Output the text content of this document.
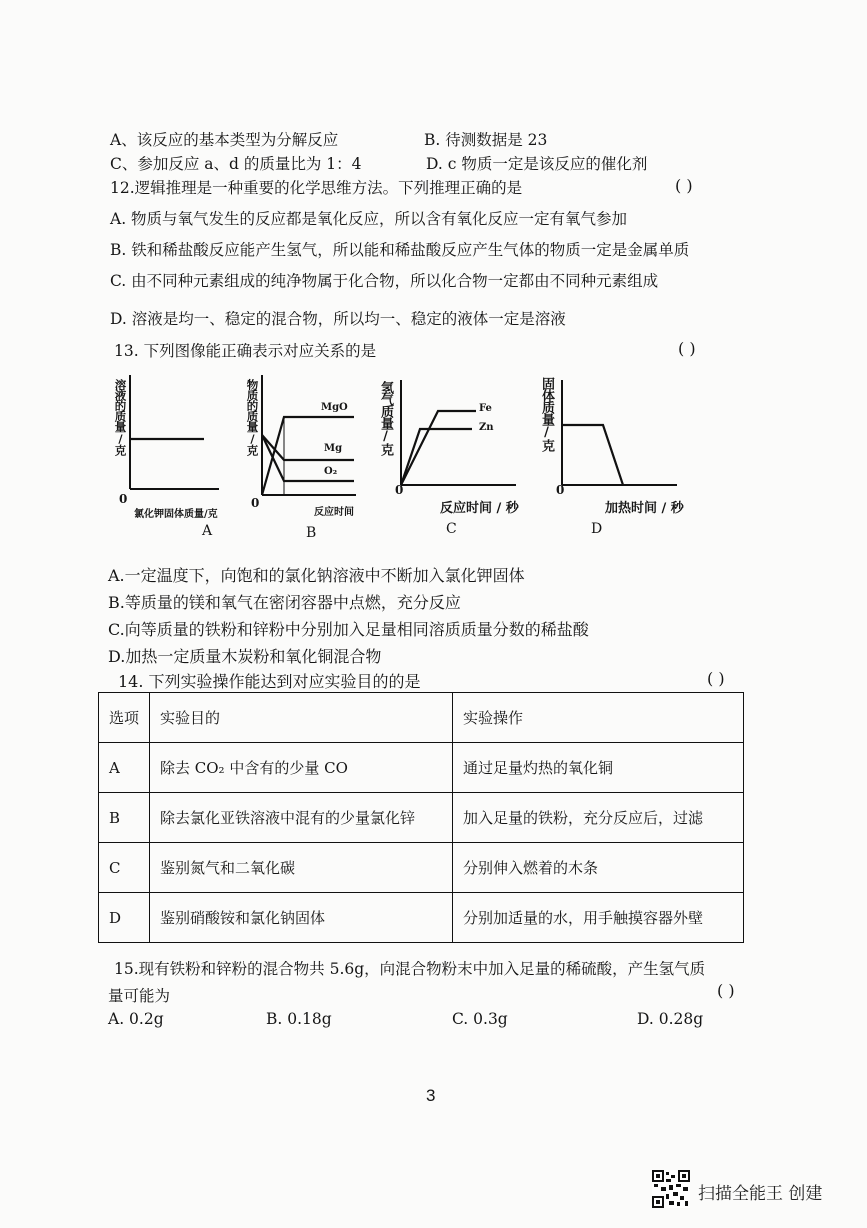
A、该反应的基本类型为分解反应	B. 待测数据是 23
C、参加反应 a、d 的质量比为 1：4	D. c 物质一定是该反应的催化剂
12.逻辑推理是一种重要的化学思维方法。下列推理正确的是	( )
A. 物质与氧气发生的反应都是氧化反应，所以含有氧化反应一定有氧气参加
B. 铁和稀盐酸反应能产生氢气，所以能和稀盐酸反应产生气体的物质一定是金属单质
C. 由不同种元素组成的纯净物属于化合物，所以化合物一定都由不同种元素组成
D. 溶液是均一、稳定的混合物，所以均一、稳定的液体一定是溶液
13. 下列图像能正确表示对应关系的是	( )
溶液的质量/克
0
氯化钾固体质量/克
A
物质的质量/克	MgO
Mg
O₂
0
反应时间
B
氢气质量/克	Fe
Zn
0
反应时间 / 秒
C
固体质量/克
0
加热时间 / 秒
D
A.一定温度下，向饱和的氯化钠溶液中不断加入氯化钾固体
B.等质量的镁和氧气在密闭容器中点燃，充分反应
C.向等质量的铁粉和锌粉中分别加入足量相同溶质质量分数的稀盐酸
D.加热一定质量木炭粉和氧化铜混合物
14. 下列实验操作能达到对应实验目的的是	( )
选项	实验目的	实验操作
A	除去 CO₂ 中含有的少量 CO	通过足量灼热的氧化铜
B	除去氯化亚铁溶液中混有的少量氯化锌	加入足量的铁粉，充分反应后，过滤
C	鉴别氮气和二氧化碳	分别伸入燃着的木条
D	鉴别硝酸铵和氯化钠固体	分别加适量的水，用手触摸容器外壁
15.现有铁粉和锌粉的混合物共 5.6g，向混合物粉末中加入足量的稀硫酸，产生氢气质
量可能为	( )
A. 0.2g	B. 0.18g	C. 0.3g	D. 0.28g
3
扫描全能王 创建
